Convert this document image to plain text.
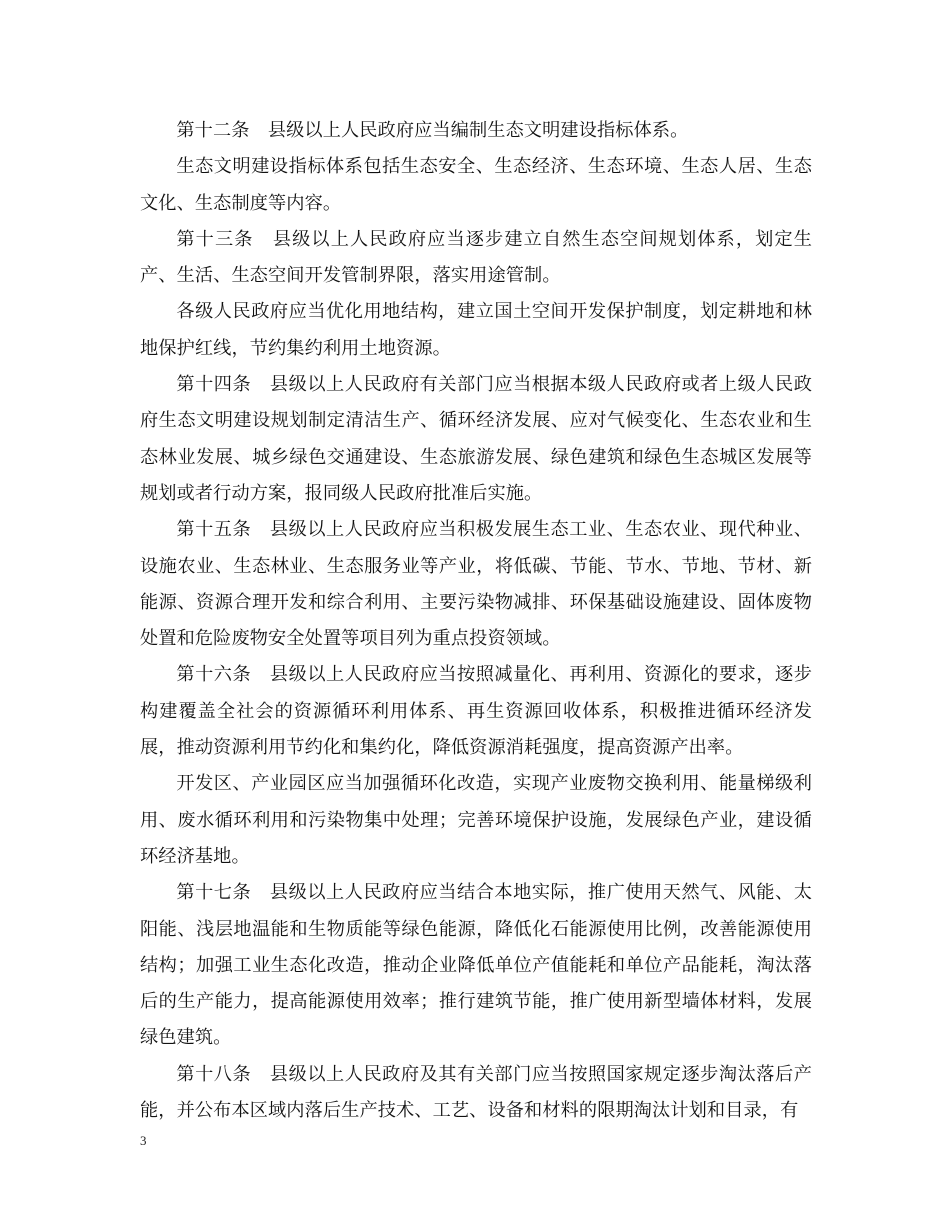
第十二条　县级以上人民政府应当编制生态文明建设指标体系。

生态文明建设指标体系包括生态安全、生态经济、生态环境、生态人居、生态文化、生态制度等内容。

第十三条　县级以上人民政府应当逐步建立自然生态空间规划体系，划定生产、生活、生态空间开发管制界限，落实用途管制。

各级人民政府应当优化用地结构，建立国土空间开发保护制度，划定耕地和林地保护红线，节约集约利用土地资源。

第十四条　县级以上人民政府有关部门应当根据本级人民政府或者上级人民政府生态文明建设规划制定清洁生产、循环经济发展、应对气候变化、生态农业和生态林业发展、城乡绿色交通建设、生态旅游发展、绿色建筑和绿色生态城区发展等规划或者行动方案，报同级人民政府批准后实施。

第十五条　县级以上人民政府应当积极发展生态工业、生态农业、现代种业、设施农业、生态林业、生态服务业等产业，将低碳、节能、节水、节地、节材、新能源、资源合理开发和综合利用、主要污染物减排、环保基础设施建设、固体废物处置和危险废物安全处置等项目列为重点投资领域。

第十六条　县级以上人民政府应当按照减量化、再利用、资源化的要求，逐步构建覆盖全社会的资源循环利用体系、再生资源回收体系，积极推进循环经济发展，推动资源利用节约化和集约化，降低资源消耗强度，提高资源产出率。

开发区、产业园区应当加强循环化改造，实现产业废物交换利用、能量梯级利用、废水循环利用和污染物集中处理；完善环境保护设施，发展绿色产业，建设循环经济基地。

第十七条　县级以上人民政府应当结合本地实际，推广使用天然气、风能、太阳能、浅层地温能和生物质能等绿色能源，降低化石能源使用比例，改善能源使用结构；加强工业生态化改造，推动企业降低单位产值能耗和单位产品能耗，淘汰落后的生产能力，提高能源使用效率；推行建筑节能，推广使用新型墙体材料，发展绿色建筑。

第十八条　县级以上人民政府及其有关部门应当按照国家规定逐步淘汰落后产能，并公布本区域内落后生产技术、工艺、设备和材料的限期淘汰计划和目录，有

3
